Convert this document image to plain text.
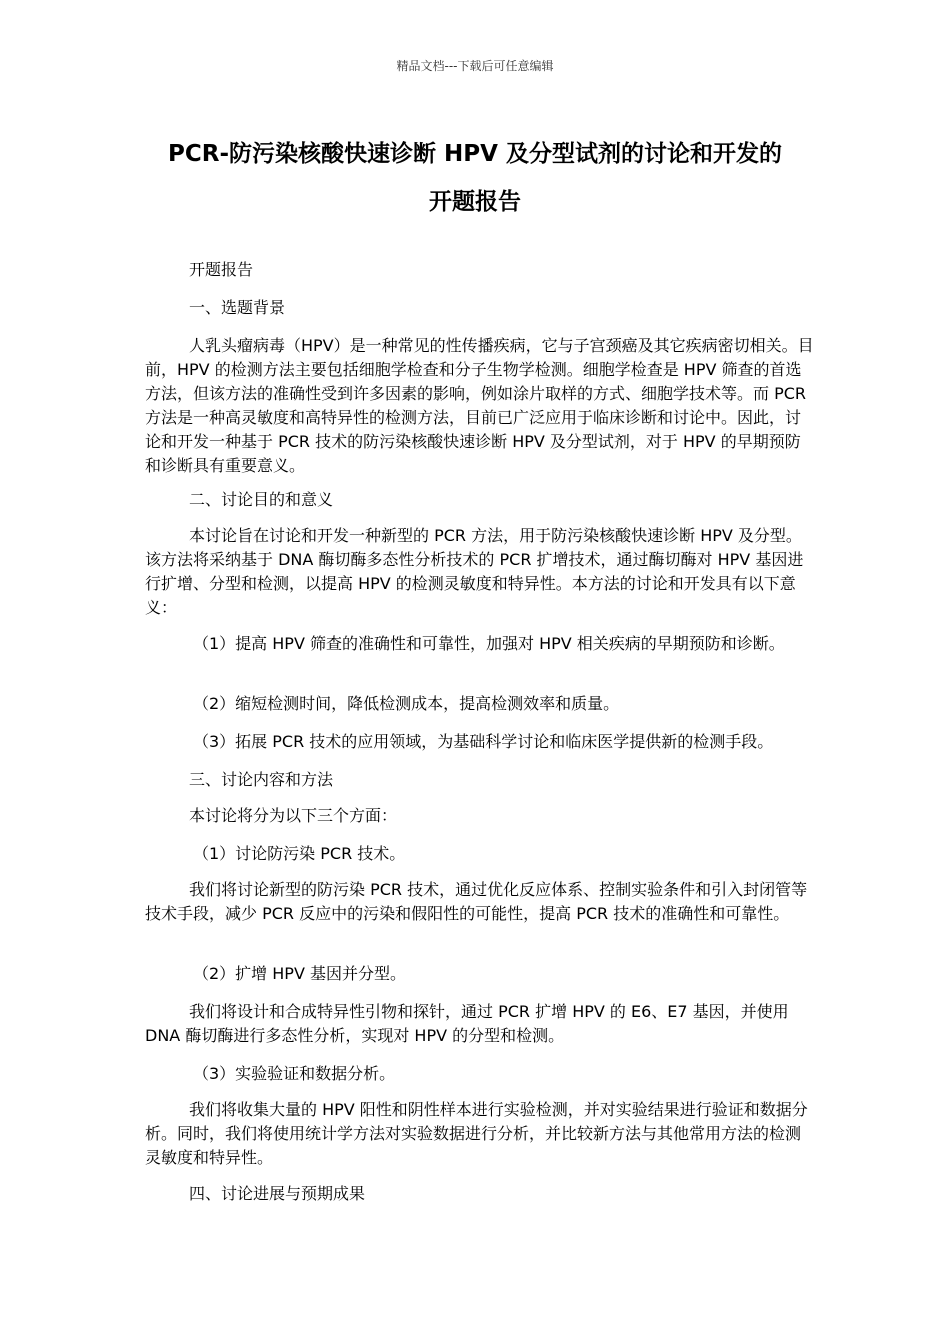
精品文档---下载后可任意编辑
PCR-防污染核酸快速诊断 HPV 及分型试剂的讨论和开发的
开题报告

开题报告

一、选题背景

人乳头瘤病毒（HPV）是一种常见的性传播疾病，它与子宫颈癌及其它疾病密切相关。目前，HPV 的检测方法主要包括细胞学检查和分子生物学检测。细胞学检查是 HPV 筛查的首选方法，但该方法的准确性受到许多因素的影响，例如涂片取样的方式、细胞学技术等。而 PCR 方法是一种高灵敏度和高特异性的检测方法，目前已广泛应用于临床诊断和讨论中。因此，讨论和开发一种基于 PCR 技术的防污染核酸快速诊断 HPV 及分型试剂，对于 HPV 的早期预防和诊断具有重要意义。

二、讨论目的和意义

本讨论旨在讨论和开发一种新型的 PCR 方法，用于防污染核酸快速诊断 HPV 及分型。该方法将采纳基于 DNA 酶切酶多态性分析技术的 PCR 扩增技术，通过酶切酶对 HPV 基因进行扩增、分型和检测，以提高 HPV 的检测灵敏度和特异性。本方法的讨论和开发具有以下意义：

（1）提高 HPV 筛查的准确性和可靠性，加强对 HPV 相关疾病的早期预防和诊断。

（2）缩短检测时间，降低检测成本，提高检测效率和质量。

（3）拓展 PCR 技术的应用领域，为基础科学讨论和临床医学提供新的检测手段。

三、讨论内容和方法

本讨论将分为以下三个方面：

（1）讨论防污染 PCR 技术。

我们将讨论新型的防污染 PCR 技术，通过优化反应体系、控制实验条件和引入封闭管等技术手段，减少 PCR 反应中的污染和假阳性的可能性，提高 PCR 技术的准确性和可靠性。

（2）扩增 HPV 基因并分型。

我们将设计和合成特异性引物和探针，通过 PCR 扩增 HPV 的 E6、E7 基因，并使用 DNA 酶切酶进行多态性分析，实现对 HPV 的分型和检测。

（3）实验验证和数据分析。

我们将收集大量的 HPV 阳性和阴性样本进行实验检测，并对实验结果进行验证和数据分析。同时，我们将使用统计学方法对实验数据进行分析，并比较新方法与其他常用方法的检测灵敏度和特异性。

四、讨论进展与预期成果
